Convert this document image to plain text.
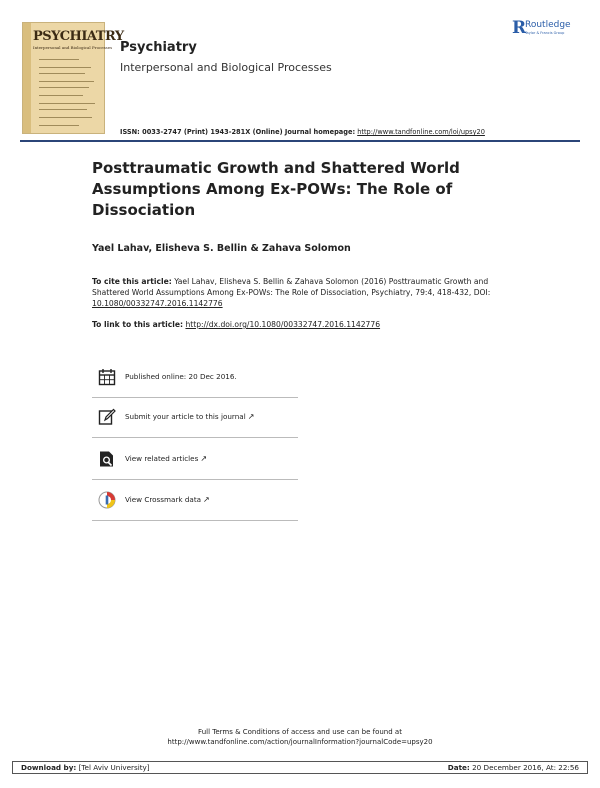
PSYCHIATRY
Interpersonal and Biological Processes Psychiatry
Interpersonal and Biological Processes
ISSN: 0033-2747 (Print) 1943-281X (Online) Journal homepage: http://www.tandfonline.com/loi/upsy20
R
Routledge
Taylor & Francis Group
Posttraumatic Growth and Shattered World Assumptions Among Ex-POWs: The Role of Dissociation
Yael Lahav, Elisheva S. Bellin & Zahava Solomon
To cite this article: Yael Lahav, Elisheva S. Bellin & Zahava Solomon (2016) Posttraumatic Growth and Shattered World Assumptions Among Ex-POWs: The Role of Dissociation, Psychiatry, 79:4, 418-432, DOI: 10.1080/00332747.2016.1142776
To link to this article: http://dx.doi.org/10.1080/00332747.2016.1142776
Published online: 20 Dec 2016.
Submit your article to this journal ↗
View related articles ↗
View Crossmark data ↗
Full Terms & Conditions of access and use can be found at
http://www.tandfonline.com/action/journalInformation?journalCode=upsy20
Download by: [Tel Aviv University]	Date: 20 December 2016, At: 22:56
